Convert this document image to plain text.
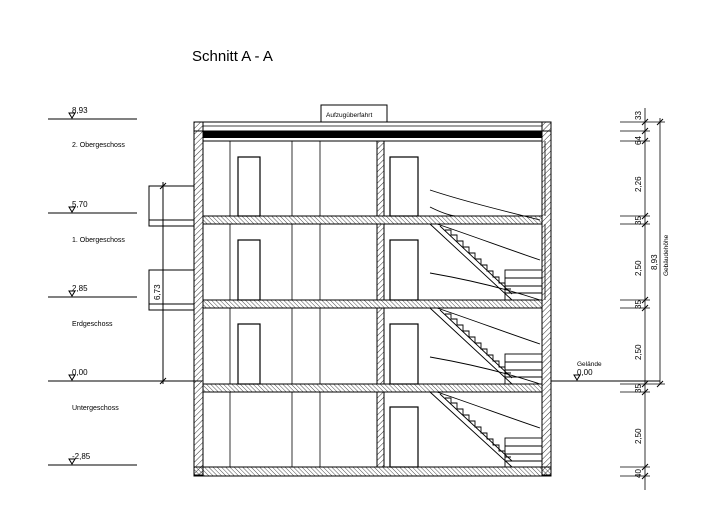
Schnitt A - A
8,93
5,70
2,85
0,00
-2,85
2. Obergeschoss
1. Obergeschoss
Erdgeschoss
Untergeschoss
6,73
Aufzugüberfahrt
Gelände
0,00
33
64
2,26
35
2,50
35
2,50
35
2,50
40
8,93 Gebäudehöhe
